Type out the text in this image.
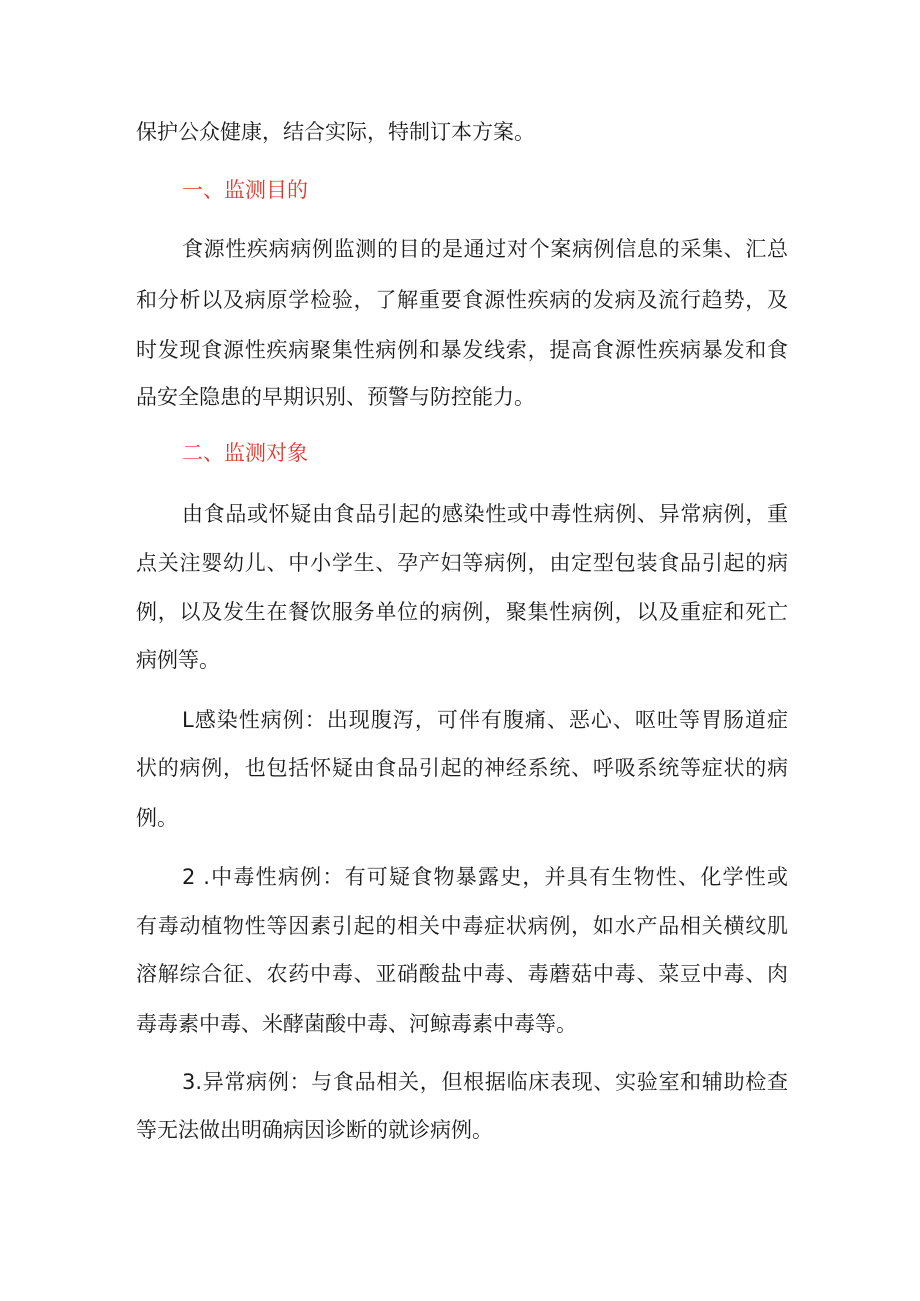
保护公众健康，结合实际，特制订本方案。
一、监测目的
食源性疾病病例监测的目的是通过对个案病例信息的采集、汇总
和分析以及病原学检验，了解重要食源性疾病的发病及流行趋势，及
时发现食源性疾病聚集性病例和暴发线索，提高食源性疾病暴发和食
品安全隐患的早期识别、预警与防控能力。
二、监测对象
由食品或怀疑由食品引起的感染性或中毒性病例、异常病例，重
点关注婴幼儿、中小学生、孕产妇等病例，由定型包装食品引起的病
例，以及发生在餐饮服务单位的病例，聚集性病例，以及重症和死亡
病例等。
L感染性病例：出现腹泻，可伴有腹痛、恶心、呕吐等胃肠道症
状的病例，也包括怀疑由食品引起的神经系统、呼吸系统等症状的病
例。
2 .中毒性病例：有可疑食物暴露史，并具有生物性、化学性或
有毒动植物性等因素引起的相关中毒症状病例，如水产品相关横纹肌
溶解综合征、农药中毒、亚硝酸盐中毒、毒蘑菇中毒、菜豆中毒、肉
毒毒素中毒、米酵菌酸中毒、河鲸毒素中毒等。
3.异常病例：与食品相关，但根据临床表现、实验室和辅助检查
等无法做出明确病因诊断的就诊病例。
